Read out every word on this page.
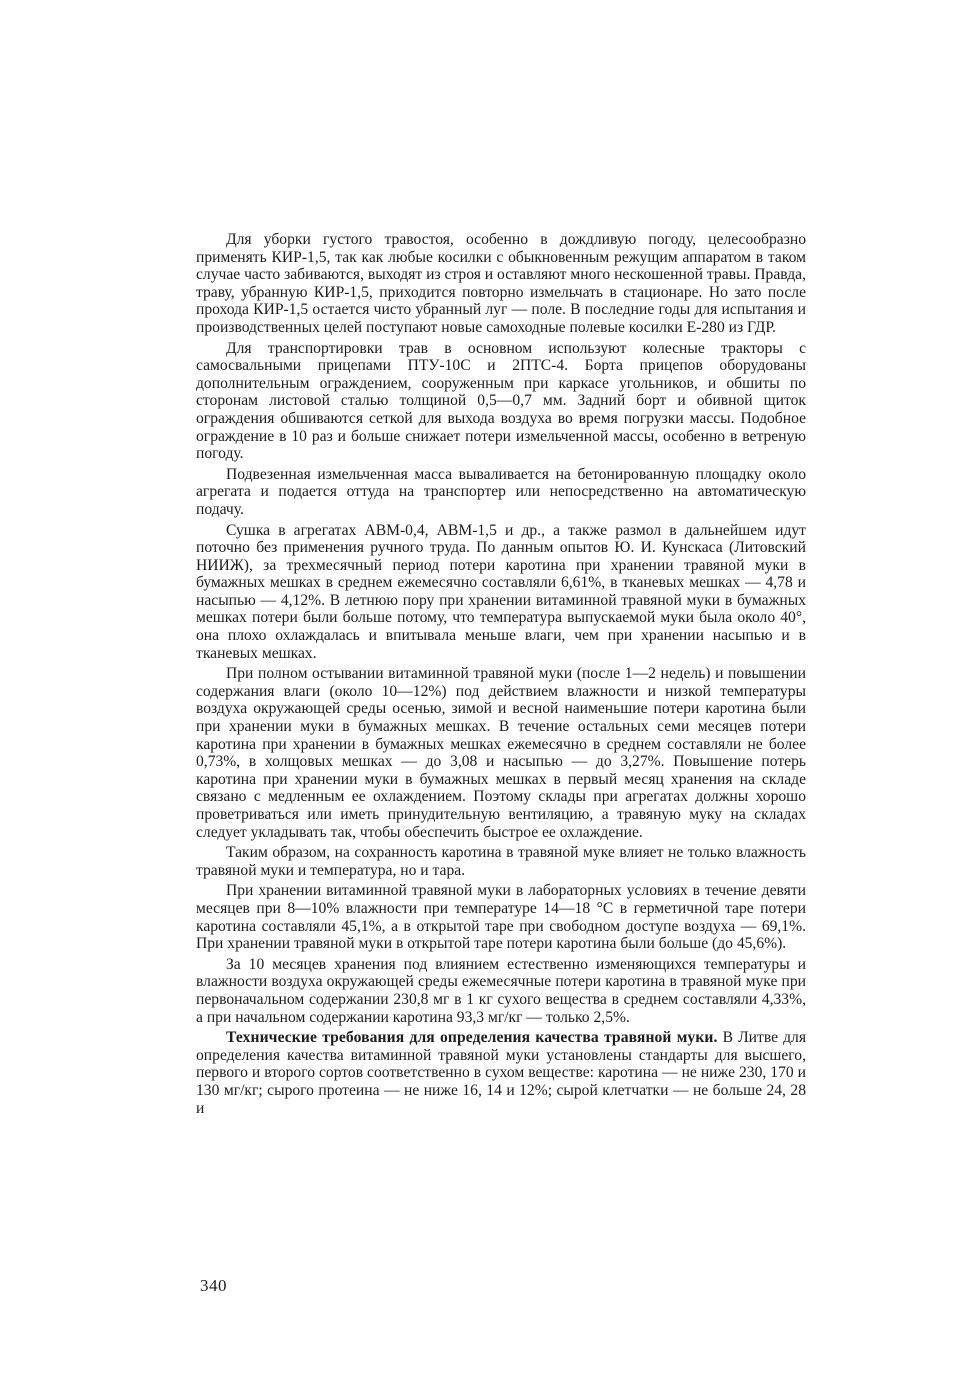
Для уборки густого травостоя, особенно в дождливую погоду, целесообразно применять КИР-1,5, так как любые косилки с обыкновенным режущим аппаратом в таком случае часто забиваются, выходят из строя и оставляют много нескошенной травы. Правда, траву, убранную КИР-1,5, приходится повторно измельчать в стационаре. Но зато после прохода КИР-1,5 остается чисто убранный луг — поле. В последние годы для испытания и производственных целей поступают новые самоходные полевые косилки Е-280 из ГДР.

Для транспортировки трав в основном используют колесные тракторы с самосвальными прицепами ПТУ-10С и 2ПТС-4. Борта прицепов оборудованы дополнительным ограждением, сооруженным при каркасе угольников, и обшиты по сторонам листовой сталью толщиной 0,5—0,7 мм. Задний борт и обивной щиток ограждения обшиваются сеткой для выхода воздуха во время погрузки массы. Подобное ограждение в 10 раз и больше снижает потери измельченной массы, особенно в ветреную погоду.

Подвезенная измельченная масса вываливается на бетонированную площадку около агрегата и подается оттуда на транспортер или непосредственно на автоматическую подачу.

Сушка в агрегатах АВМ-0,4, АВМ-1,5 и др., а также размол в дальнейшем идут поточно без применения ручного труда. По данным опытов Ю. И. Кунскаса (Литовский НИИЖ), за трехмесячный период потери каротина при хранении травяной муки в бумажных мешках в среднем ежемесячно составляли 6,61%, в тканевых мешках — 4,78 и насыпью — 4,12%. В летнюю пору при хранении витаминной травяной муки в бумажных мешках потери были больше потому, что температура выпускаемой муки была около 40°, она плохо охлаждалась и впитывала меньше влаги, чем при хранении насыпью и в тканевых мешках.

При полном остывании витаминной травяной муки (после 1—2 недель) и повышении содержания влаги (около 10—12%) под действием влажности и низкой температуры воздуха окружающей среды осенью, зимой и весной наименьшие потери каротина были при хранении муки в бумажных мешках. В течение остальных семи месяцев потери каротина при хранении в бумажных мешках ежемесячно в среднем составляли не более 0,73%, в холщовых мешках — до 3,08 и насыпью — до 3,27%. Повышение потерь каротина при хранении муки в бумажных мешках в первый месяц хранения на складе связано с медленным ее охлаждением. Поэтому склады при агрегатах должны хорошо проветриваться или иметь принудительную вентиляцию, а травяную муку на складах следует укладывать так, чтобы обеспечить быстрое ее охлаждение.

Таким образом, на сохранность каротина в травяной муке влияет не только влажность травяной муки и температура, но и тара.

При хранении витаминной травяной муки в лабораторных условиях в течение девяти месяцев при 8—10% влажности при температуре 14—18 °C в герметичной таре потери каротина составляли 45,1%, а в открытой таре при свободном доступе воздуха — 69,1%. При хранении травяной муки в открытой таре потери каротина были больше (до 45,6%).

За 10 месяцев хранения под влиянием естественно изменяющихся температуры и влажности воздуха окружающей среды ежемесячные потери каротина в травяной муке при первоначальном содержании 230,8 мг в 1 кг сухого вещества в среднем составляли 4,33%, а при начальном содержании каротина 93,3 мг/кг — только 2,5%.

Технические требования для определения качества травяной муки. В Литве для определения качества витаминной травяной муки установлены стандарты для высшего, первого и второго сортов соответственно в сухом веществе: каротина — не ниже 230, 170 и 130 мг/кг; сырого протеина — не ниже 16, 14 и 12%; сырой клетчатки — не больше 24, 28 и

340
